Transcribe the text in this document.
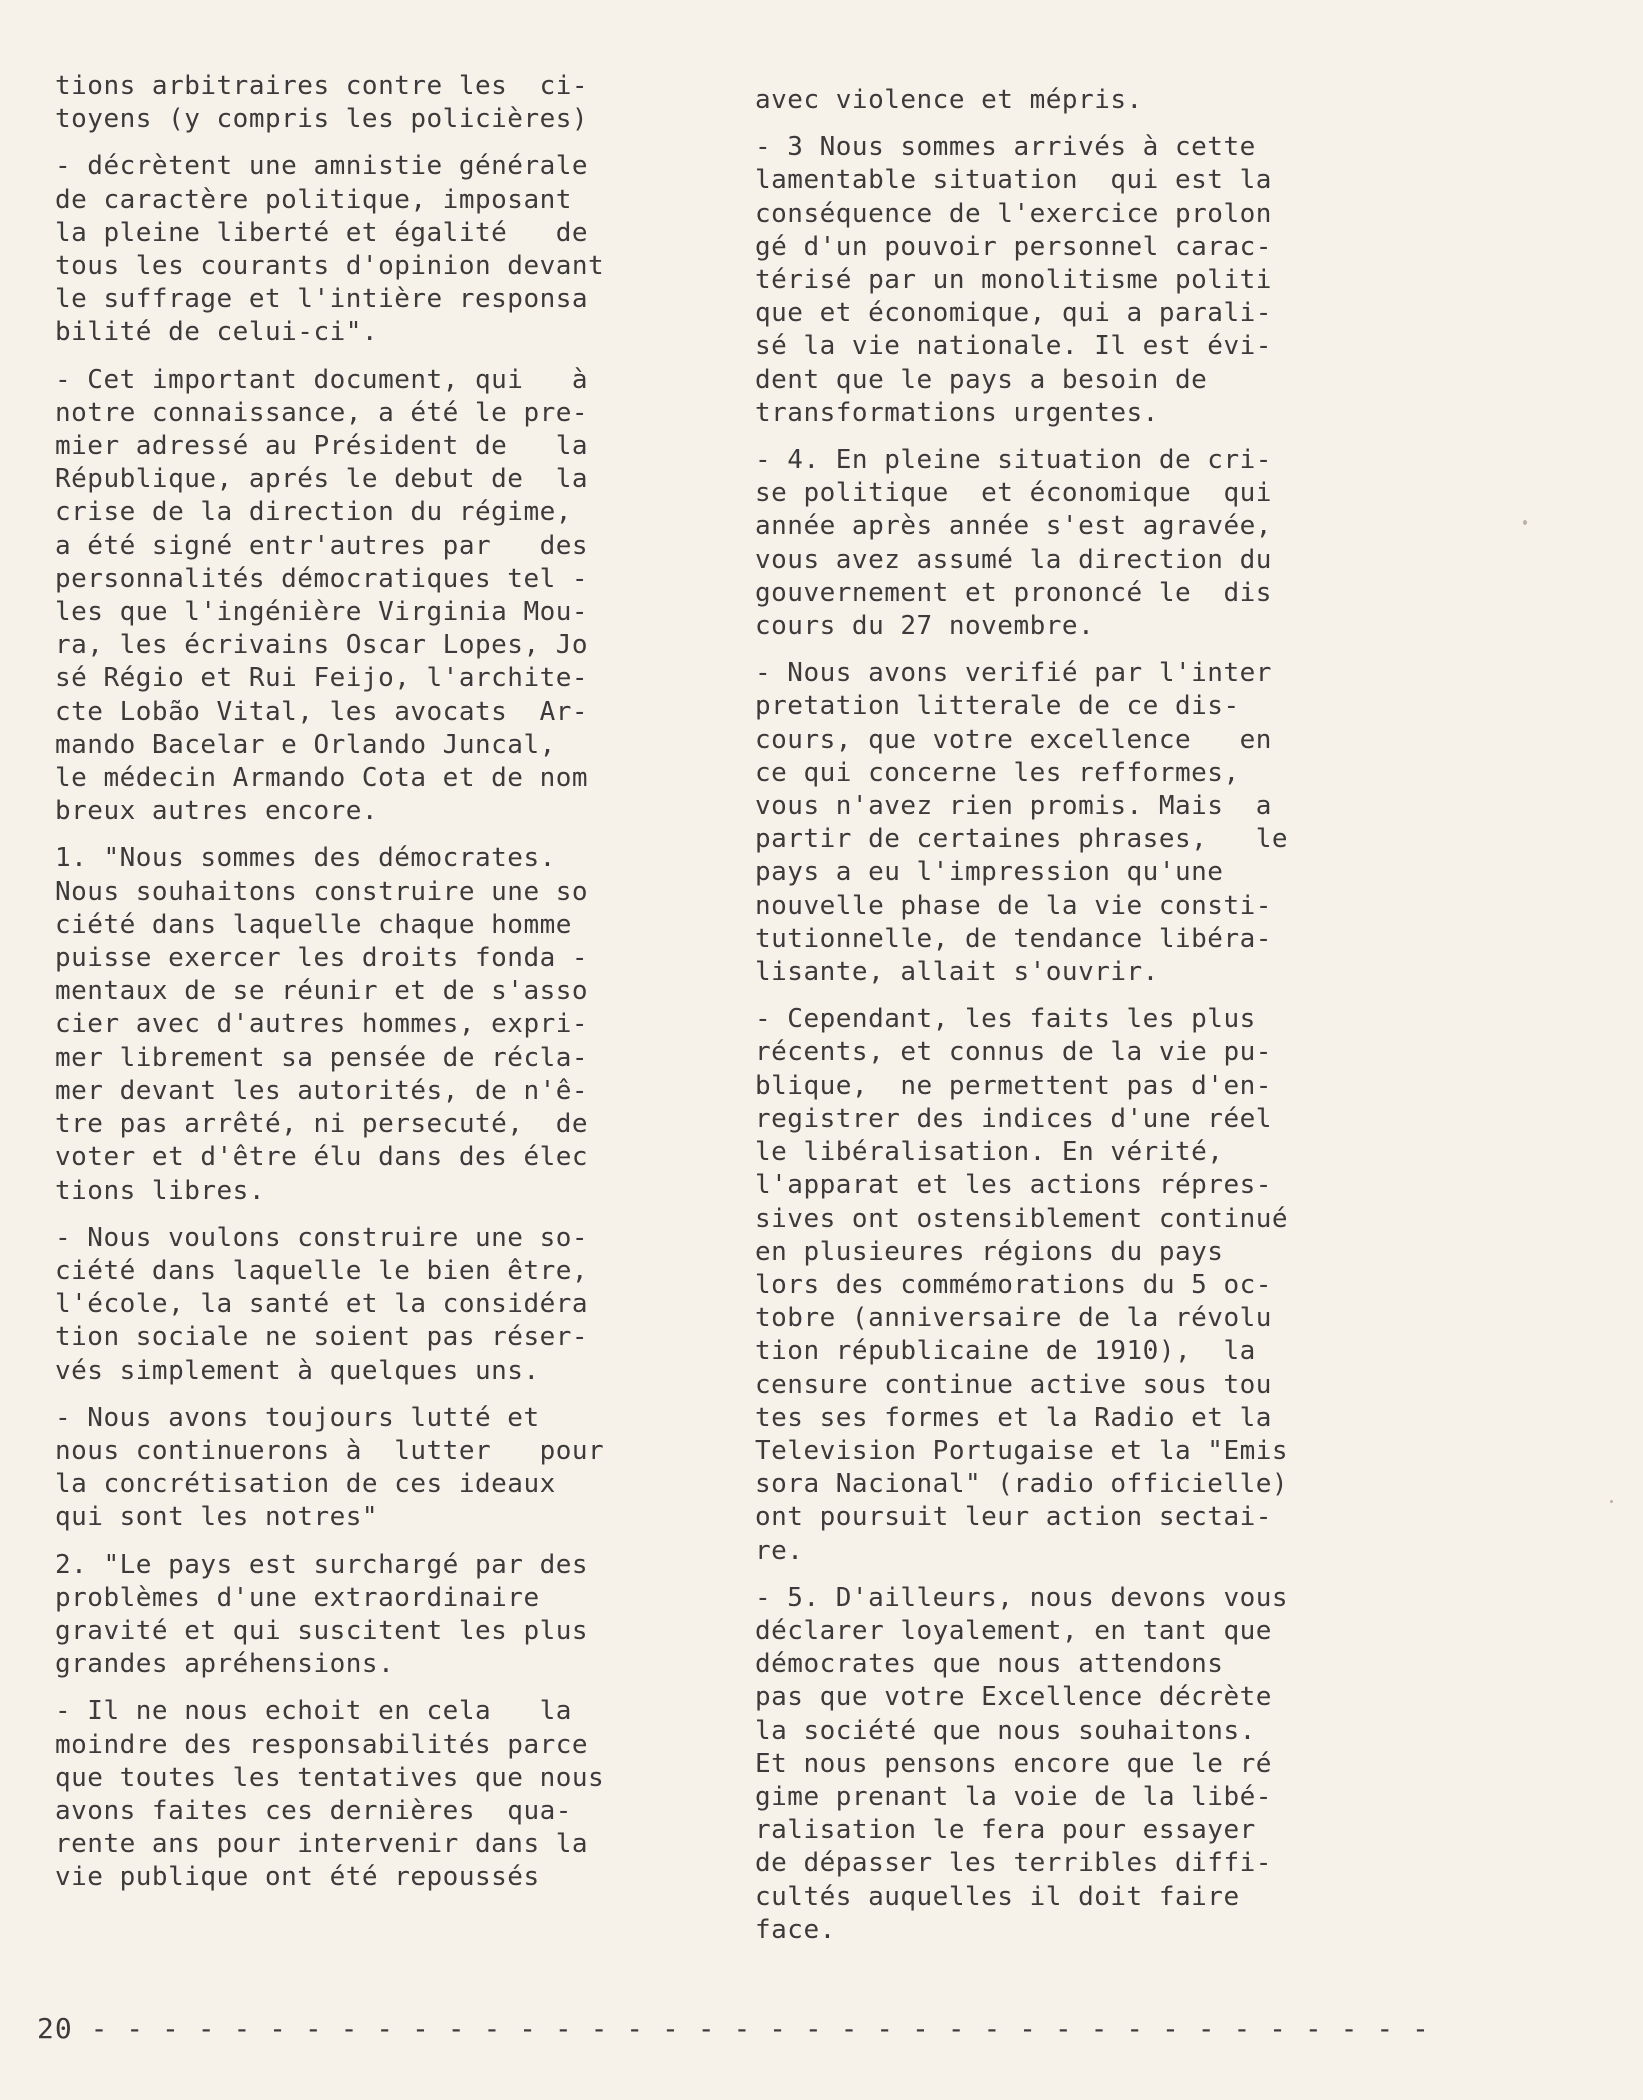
tions arbitraires contre les  ci-
toyens (y compris les policières)
- décrètent une amnistie générale
de caractère politique, imposant
la pleine liberté et égalité   de
tous les courants d'opinion devant
le suffrage et l'intière responsa
bilité de celui-ci".
- Cet important document, qui   à
notre connaissance, a été le pre-
mier adressé au Président de   la
République, aprés le debut de  la
crise de la direction du régime,
a été signé entr'autres par   des
personnalités démocratiques tel -
les que l'ingénière Virginia Mou-
ra, les écrivains Oscar Lopes, Jo
sé Régio et Rui Feijo, l'archite-
cte Lobão Vital, les avocats  Ar-
mando Bacelar e Orlando Juncal,
le médecin Armando Cota et de nom
breux autres encore.
1. "Nous sommes des démocrates.
Nous souhaitons construire une so
ciété dans laquelle chaque homme
puisse exercer les droits fonda -
mentaux de se réunir et de s'asso
cier avec d'autres hommes, expri-
mer librement sa pensée de récla-
mer devant les autorités, de n'ê-
tre pas arrêté, ni persecuté,  de
voter et d'être élu dans des élec
tions libres.
- Nous voulons construire une so-
ciété dans laquelle le bien être,
l'école, la santé et la considéra
tion sociale ne soient pas réser-
vés simplement à quelques uns.
- Nous avons toujours lutté et
nous continuerons à  lutter   pour
la concrétisation de ces ideaux
qui sont les notres"
2. "Le pays est surchargé par des
problèmes d'une extraordinaire
gravité et qui suscitent les plus
grandes apréhensions.
- Il ne nous echoit en cela   la
moindre des responsabilités parce
que toutes les tentatives que nous
avons faites ces dernières  qua-
rente ans pour intervenir dans la
vie publique ont été repoussés
avec violence et mépris.
- 3 Nous sommes arrivés à cette
lamentable situation  qui est la
conséquence de l'exercice prolon
gé d'un pouvoir personnel carac-
térisé par un monolitisme politi
que et économique, qui a parali-
sé la vie nationale. Il est évi-
dent que le pays a besoin de
transformations urgentes.
- 4. En pleine situation de cri-
se politique  et économique  qui
année après année s'est agravée,
vous avez assumé la direction du
gouvernement et prononcé le  dis
cours du 27 novembre.
- Nous avons verifié par l'inter
pretation litterale de ce dis-
cours, que votre excellence   en
ce qui concerne les refformes,
vous n'avez rien promis. Mais  a
partir de certaines phrases,   le
pays a eu l'impression qu'une
nouvelle phase de la vie consti-
tutionnelle, de tendance libéra-
lisante, allait s'ouvrir.
- Cependant, les faits les plus
récents, et connus de la vie pu-
blique,  ne permettent pas d'en-
registrer des indices d'une réel
le libéralisation. En vérité,
l'apparat et les actions répres-
sives ont ostensiblement continué
en plusieures régions du pays
lors des commémorations du 5 oc-
tobre (anniversaire de la révolu
tion républicaine de 1910),  la
censure continue active sous tou
tes ses formes et la Radio et la
Television Portugaise et la "Emis
sora Nacional" (radio officielle)
ont poursuit leur action sectai-
re.
- 5. D'ailleurs, nous devons vous
déclarer loyalement, en tant que
démocrates que nous attendons
pas que votre Excellence décrète
la société que nous souhaitons.
Et nous pensons encore que le ré
gime prenant la voie de la libé-
ralisation le fera pour essayer
de dépasser les terribles diffi-
cultés auquelles il doit faire
face.
20 - - - - - - - - - - - - - - - - - - - - - - - - - - - - - - - - - - - - - -
